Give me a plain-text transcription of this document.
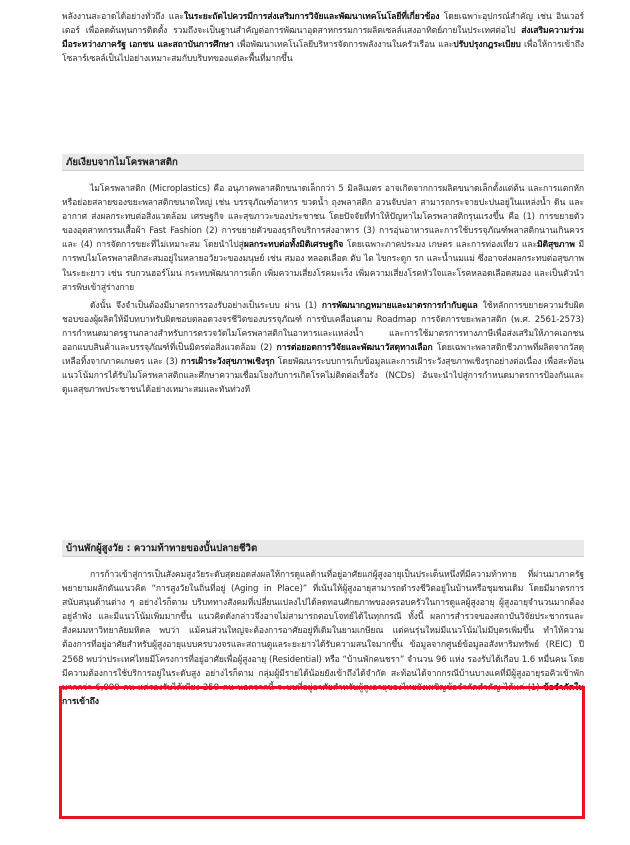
พลังงานสะอาดได้อย่างทั่วถึง และในระยะถัดไปควรมีการส่งเสริมการวิจัยและพัฒนาเทคโนโลยีที่เกี่ยวข้อง โดยเฉพาะอุปกรณ์สำคัญ เช่น อินเวอร์เตอร์ เพื่อลดต้นทุนการติดตั้ง รวมถึงจะเป็นฐานสำคัญต่อการพัฒนาอุตสาหกรรมการผลิตเซลล์แสงอาทิตย์ภายในประเทศต่อไป ส่งเสริมความร่วมมือระหว่างภาครัฐ เอกชน และสถาบันการศึกษา เพื่อพัฒนาเทคโนโลยีบริหารจัดการพลังงานในครัวเรือน และปรับปรุงกฎระเบียบ เพื่อให้การเข้าถึงโซลาร์เซลล์เป็นไปอย่างเหมาะสมกับบริบทของแต่ละพื้นที่มากขึ้น

ภัยเงียบจากไมโครพลาสติก

ไมโครพลาสติก (Microplastics) คือ อนุภาคพลาสติกขนาดเล็กกว่า 5 มิลลิเมตร อาจเกิดจากการผลิตขนาดเล็กตั้งแต่ต้น และการแตกหักหรือย่อยสลายของขยะพลาสติกขนาดใหญ่ เช่น บรรจุภัณฑ์อาหาร ขวดน้ำ ถุงพลาสติก อวนจับปลา สามารถกระจายปะปนอยู่ในแหล่งน้ำ ดิน และอากาศ ส่งผลกระทบต่อสิ่งแวดล้อม เศรษฐกิจ และสุขภาวะของประชาชน โดยปัจจัยที่ทำให้ปัญหาไมโครพลาสติกรุนแรงขึ้น คือ (1) การขยายตัวของอุตสาหกรรมเสื้อผ้า Fast Fashion (2) การขยายตัวของธุรกิจบริการส่งอาหาร (3) การอุ่นอาหารและการใช้บรรจุภัณฑ์พลาสติกนานเกินควร และ (4) การจัดการขยะที่ไม่เหมาะสม โดยนำไปสู่ผลกระทบต่อทั้งมิติเศรษฐกิจ โดยเฉพาะภาคประมง เกษตร และการท่องเที่ยว และมิติสุขภาพ มีการพบไมโครพลาสติกสะสมอยู่ในหลายอวัยวะของมนุษย์ เช่น สมอง หลอดเลือด ตับ ไต ไขกระดูก รก และน้ำนมแม่ ซึ่งอาจส่งผลกระทบต่อสุขภาพในระยะยาว เช่น รบกวนฮอร์โมน กระทบพัฒนาการเด็ก เพิ่มความเสี่ยงโรคมะเร็ง เพิ่มความเสี่ยงโรคหัวใจและโรคหลอดเลือดสมอง และเป็นตัวนำสารพิษเข้าสู่ร่างกาย

ดังนั้น จึงจำเป็นต้องมีมาตรการรองรับอย่างเป็นระบบ ผ่าน (1) การพัฒนากฎหมายและมาตรการกำกับดูแล ใช้หลักการขยายความรับผิดชอบของผู้ผลิตให้มีบทบาทรับผิดชอบตลอดวงจรชีวิตของบรรจุภัณฑ์ การขับเคลื่อนตาม Roadmap การจัดการขยะพลาสติก (พ.ศ. 2561-2573) การกำหนดมาตรฐานกลางสำหรับการตรวจวัดไมโครพลาสติกในอาหารและแหล่งน้ำ และการใช้มาตรการทางภาษีเพื่อส่งเสริมให้ภาคเอกชนออกแบบสินค้าและบรรจุภัณฑ์ที่เป็นมิตรต่อสิ่งแวดล้อม (2) การต่อยอดการวิจัยและพัฒนาวัสดุทางเลือก โดยเฉพาะพลาสติกชีวภาพที่ผลิตจากวัสดุเหลือทิ้งจากภาคเกษตร และ (3) การเฝ้าระวังสุขภาพเชิงรุก โดยพัฒนาระบบการเก็บข้อมูลและการเฝ้าระวังสุขภาพเชิงรุกอย่างต่อเนื่อง เพื่อสะท้อนแนวโน้มการได้รับไมโครพลาสติกและศึกษาความเชื่อมโยงกับการเกิดโรคไม่ติดต่อเรื้อรัง (NCDs) อันจะนำไปสู่การกำหนดมาตรการป้องกันและดูแลสุขภาพประชาชนได้อย่างเหมาะสมและทันท่วงที

บ้านพักผู้สูงวัย : ความท้าทายของบั้นปลายชีวิต

การก้าวเข้าสู่การเป็นสังคมสูงวัยระดับสุดยอดส่งผลให้การดูแลด้านที่อยู่อาศัยแก่ผู้สูงอายุเป็นประเด็นหนึ่งที่มีความท้าทาย ที่ผ่านมาภาครัฐพยายามผลักดันแนวคิด “การสูงวัยในถิ่นที่อยู่ (Aging in Place)” ที่เน้นให้ผู้สูงอายุสามารถดำรงชีวิตอยู่ในบ้านหรือชุมชนเดิม โดยมีมาตรการสนับสนุนด้านต่าง ๆ อย่างไรก็ตาม บริบททางสังคมที่เปลี่ยนแปลงไปได้ลดทอนศักยภาพของครอบครัวในการดูแลผู้สูงอายุ ผู้สูงอายุจำนวนมากต้องอยู่ลำพัง และมีแนวโน้มเพิ่มมากขึ้น แนวคิดดังกล่าวจึงอาจไม่สามารถตอบโจทย์ได้ในทุกกรณี ทั้งนี้ ผลการสำรวจของสถาบันวิจัยประชากรและสังคมมหาวิทยาลัยมหิดล พบว่า แม้คนส่วนใหญ่จะต้องการอาศัยอยู่ที่เดิมในยามเกษียณ แต่คนรุ่นใหม่มีแนวโน้มไม่มีบุตรเพิ่มขึ้น ทำให้ความต้องการที่อยู่อาศัยสำหรับผู้สูงอายุแบบครบวงจรและสถานดูแลระยะยาวได้รับความสนใจมากขึ้น ข้อมูลจากศูนย์ข้อมูลอสังหาริมทรัพย์ (REIC) ปี 2568 พบว่าประเทศไทยมีโครงการที่อยู่อาศัยเพื่อผู้สูงอายุ (Residential) หรือ “บ้านพักคนชรา” จำนวน 96 แห่ง รองรับได้เกือบ 1.6 หมื่นคน โดยมีความต้องการใช้บริการอยู่ในระดับสูง อย่างไรก็ตาม กลุ่มผู้มีรายได้น้อยยังเข้าถึงได้จำกัด สะท้อนได้จากกรณีบ้านบางแคที่มีผู้สูงอายุรอคิวเข้าพักมากกว่า 6,000 คน แต่รองรับได้เพียง 250 คน นอกจากนี้ ระบบที่อยู่อาศัยสำหรับผู้สูงอายุของไทยยังเผชิญข้อจำกัดสำคัญ ได้แก่ (1) ข้อจำกัดในการเข้าถึง
